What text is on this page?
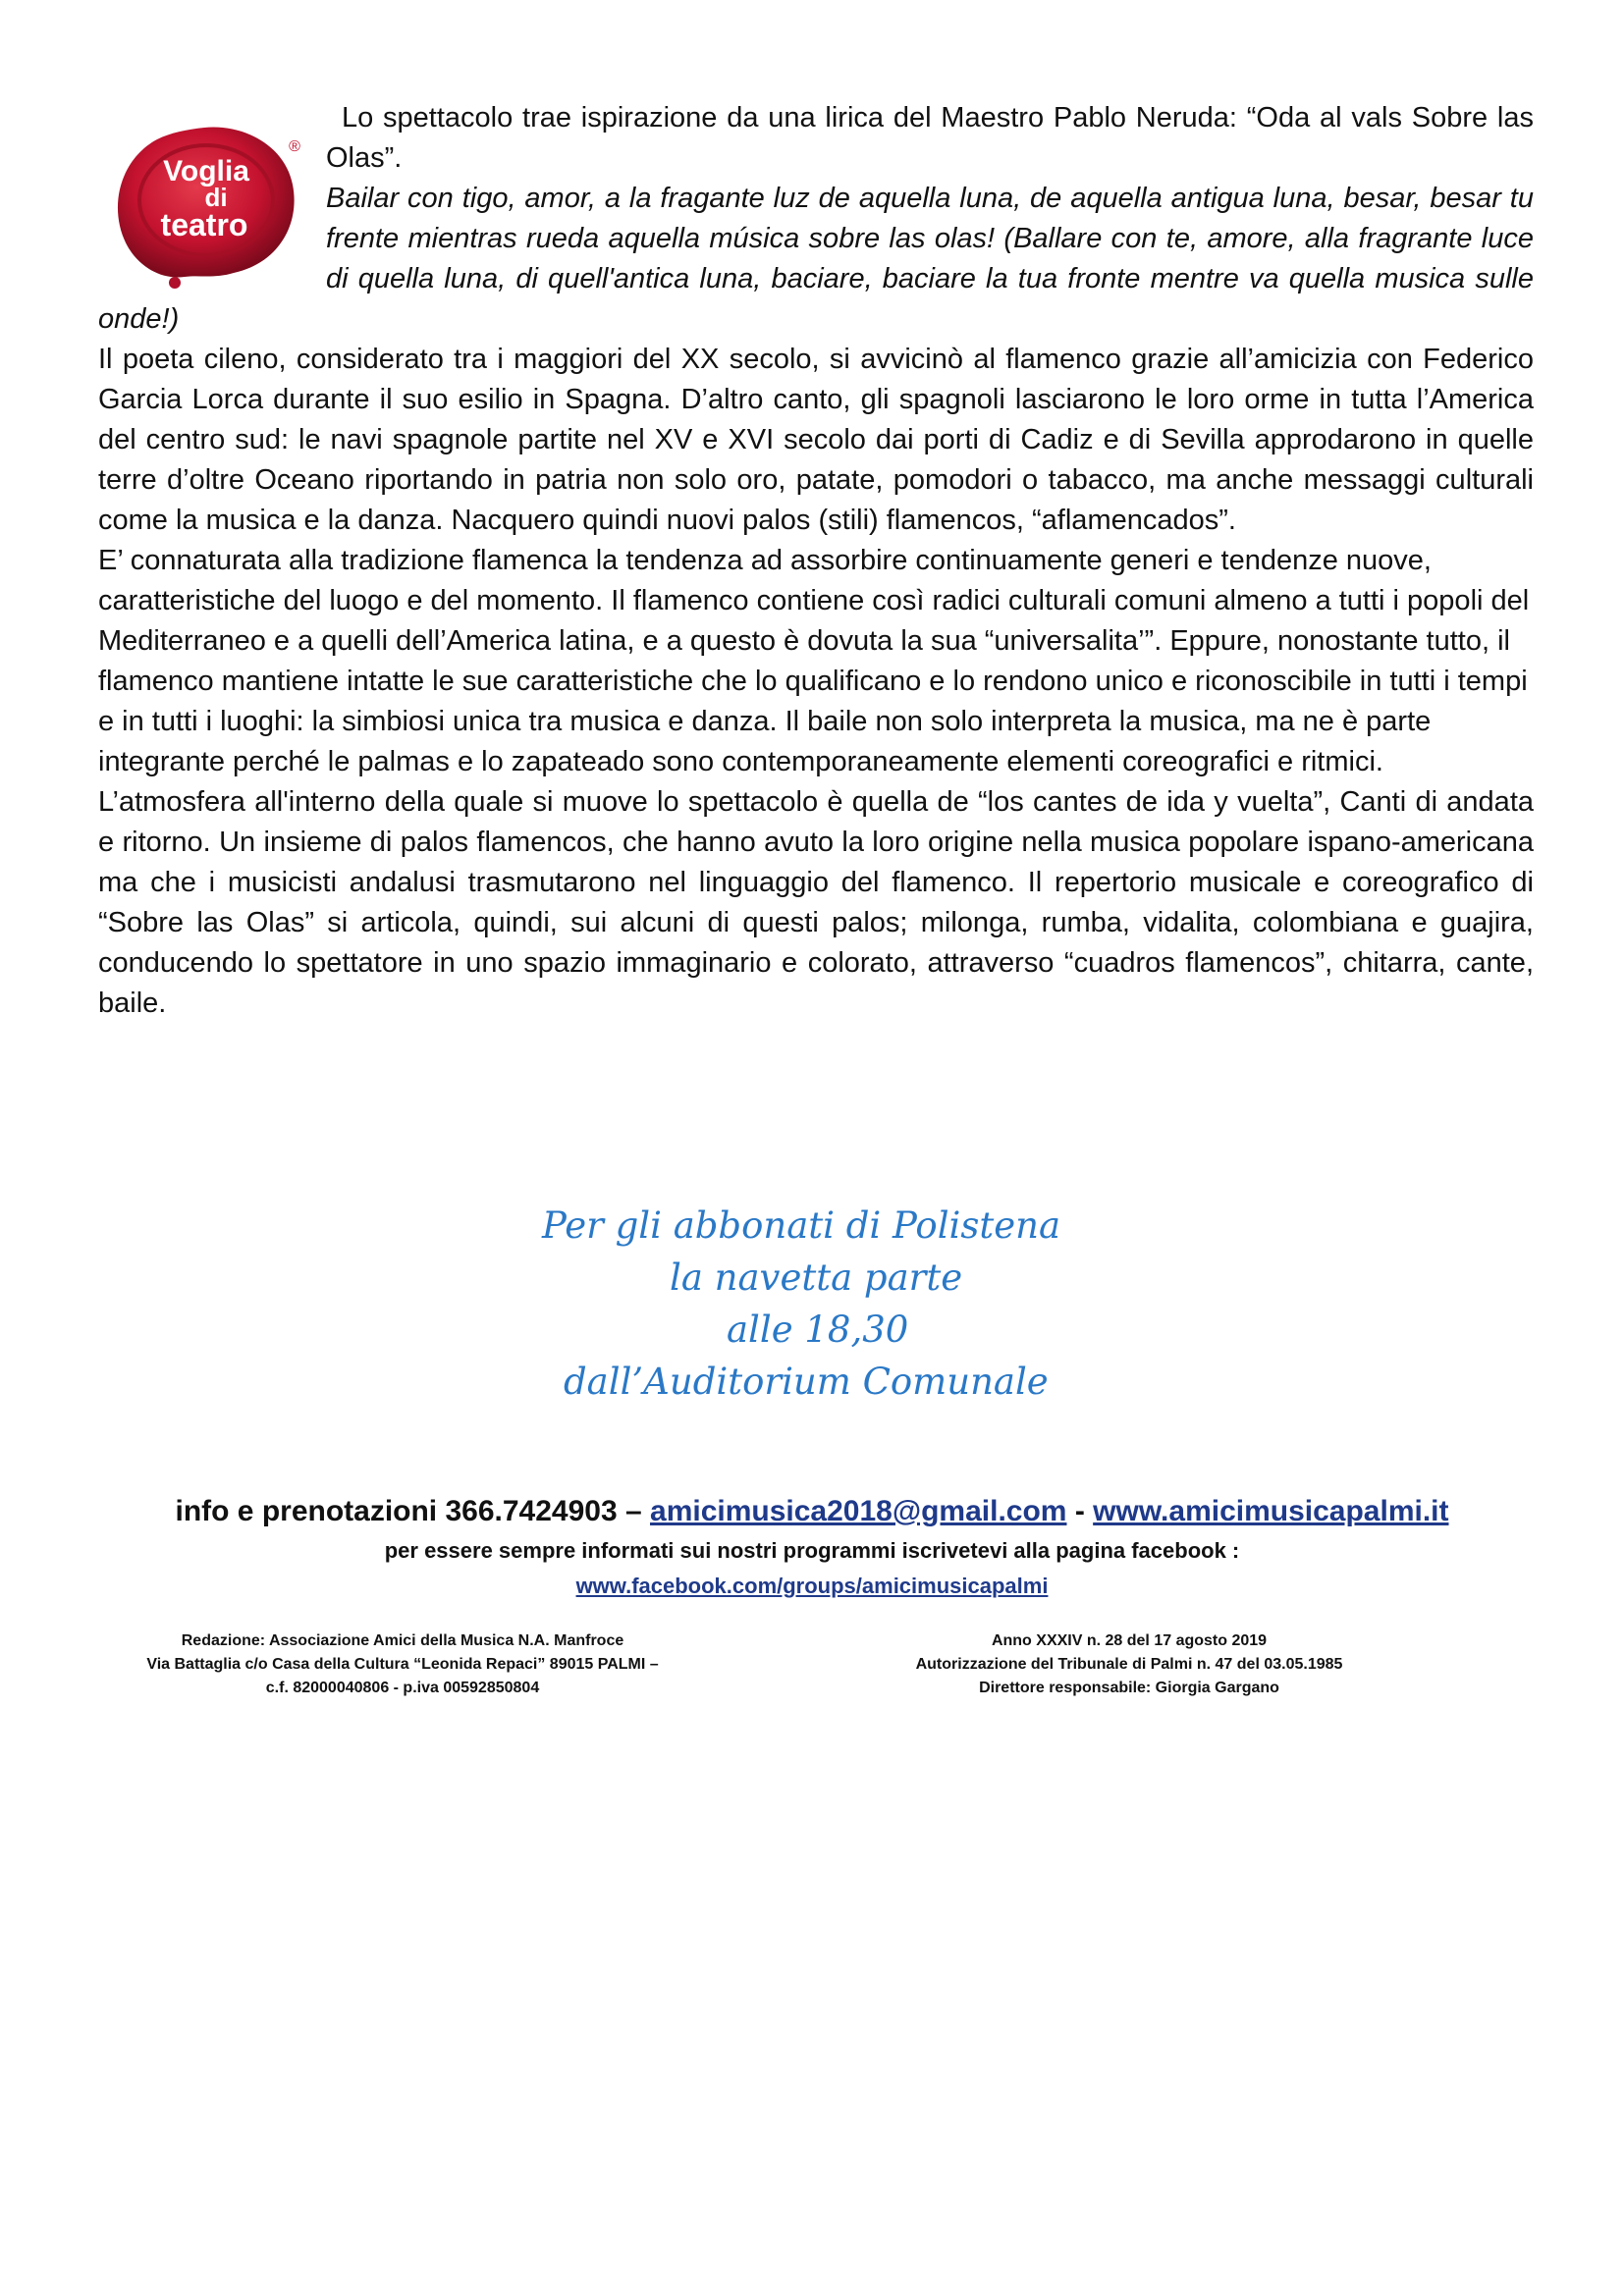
Voglia
di
teatro
®

Lo spettacolo trae ispirazione da una lirica del Maestro Pablo Neruda: “Oda al vals Sobre las Olas”.

Bailar con tigo, amor, a la fragante luz de aquella luna, de aquella antigua luna, besar, besar tu frente mientras rueda aquella música sobre las olas! (Ballare con te, amore, alla fragrante luce di quella luna, di quell'antica luna, baciare, baciare la tua fronte mentre va quella musica sulle onde!)

Il poeta cileno, considerato tra i maggiori del XX secolo, si avvicinò al flamenco grazie all’amicizia con Federico Garcia Lorca durante il suo esilio in Spagna. D’altro canto, gli spagnoli lasciarono le loro orme in tutta l’America del centro sud: le navi spagnole partite nel XV e XVI secolo dai porti di Cadiz e di Sevilla approdarono in quelle terre d’oltre Oceano riportando in patria non solo oro, patate, pomodori o tabacco, ma anche messaggi culturali come la musica e la danza. Nacquero quindi nuovi palos (stili) flamencos, “aflamencados”.

E’ connaturata alla tradizione flamenca la tendenza ad assorbire continuamente generi e tendenze nuove, caratteristiche del luogo e del momento. Il flamenco contiene così radici culturali comuni almeno a tutti i popoli del Mediterraneo e a quelli dell’America latina, e a questo è dovuta la sua “universalita’”. Eppure, nonostante tutto, il flamenco mantiene intatte le sue caratteristiche che lo qualificano e lo rendono unico e riconoscibile in tutti i tempi e in tutti i luoghi: la simbiosi unica tra musica e danza. Il baile non solo interpreta la musica, ma ne è parte integrante perché le palmas e lo zapateado sono contemporaneamente elementi coreografici e ritmici.

L’atmosfera all'interno della quale si muove lo spettacolo è quella de “los cantes de ida y vuelta”, Canti di andata e ritorno. Un insieme di palos flamencos, che hanno avuto la loro origine nella musica popolare ispano-americana ma che i musicisti andalusi trasmutarono nel linguaggio del flamenco. Il repertorio musicale e coreografico di “Sobre las Olas” si articola, quindi, sui alcuni di questi palos; milonga, rumba, vidalita, colombiana e guajira, conducendo lo spettatore in uno spazio immaginario e colorato, attraverso “cuadros flamencos”, chitarra, cante, baile.

Per gli abbonati di Polistena
la navetta parte
alle 18,30
dall’Auditorium Comunale
info e prenotazioni 366.7424903 – amicimusica2018@gmail.com - www.amicimusicapalmi.it
per essere sempre informati sui nostri programmi iscrivetevi alla pagina facebook :
www.facebook.com/groups/amicimusicapalmi
Redazione: Associazione Amici della Musica N.A. Manfroce
Via Battaglia c/o Casa della Cultura “Leonida Repaci” 89015 PALMI –
c.f. 82000040806 - p.iva 00592850804
Anno XXXIV n. 28 del 17 agosto 2019
Autorizzazione del Tribunale di Palmi n. 47 del 03.05.1985
Direttore responsabile: Giorgia Gargano
